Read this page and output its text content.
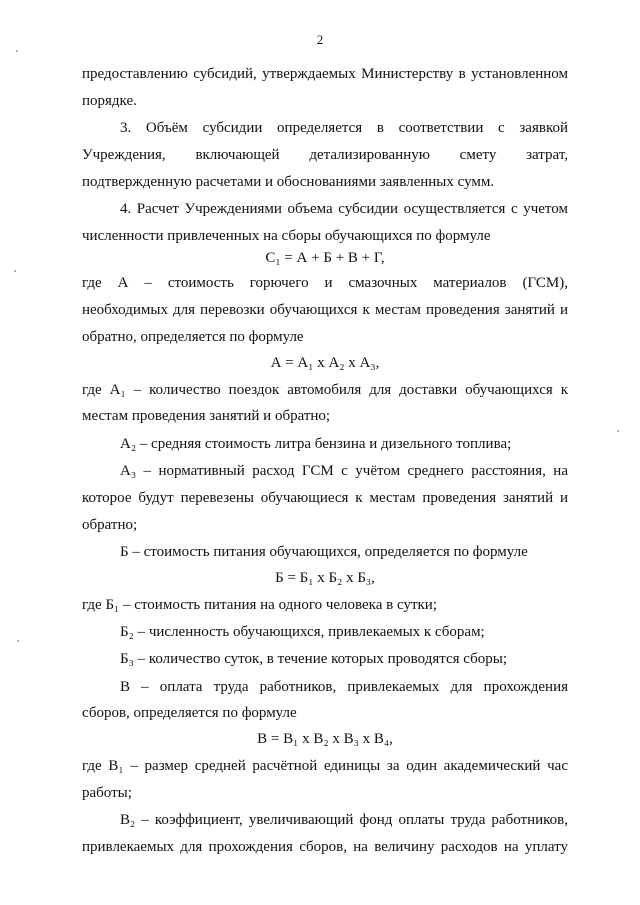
2
предоставлению субсидий, утверждаемых Министерству в установленном
порядке.
3. Объём субсидии определяется в соответствии с заявкой
Учреждения, включающей детализированную смету затрат,
подтвержденную расчетами и обоснованиями заявленных сумм.
4. Расчет Учреждениями объема субсидии осуществляется с учетом
численности привлеченных на сборы обучающихся по формуле
С₁ = А + Б + В + Г,
где А – стоимость горючего и смазочных материалов (ГСМ),
необходимых для перевозки обучающихся к местам проведения занятий и
обратно, определяется по формуле
А = А₁ х А₂ х А₃,
где А₁ – количество поездок автомобиля для доставки обучающихся к
местам проведения занятий и обратно;
А₂ – средняя стоимость литра бензина и дизельного топлива;
А₃ – нормативный расход ГСМ с учётом среднего расстояния, на
которое будут перевезены обучающиеся к местам проведения занятий и
обратно;
Б – стоимость питания обучающихся, определяется по формуле
Б = Б₁ х Б₂ х Б₃,
где Б₁ – стоимость питания на одного человека в сутки;
Б₂ – численность обучающихся, привлекаемых к сборам;
Б₃ – количество суток, в течение которых проводятся сборы;
В – оплата труда работников, привлекаемых для прохождения
сборов, определяется по формуле
В = В₁ х В₂ х В₃ х В₄,
где В₁ – размер средней расчётной единицы за один академический час
работы;
В₂ – коэффициент, увеличивающий фонд оплаты труда работников,
привлекаемых для прохождения сборов, на величину расходов на уплату
